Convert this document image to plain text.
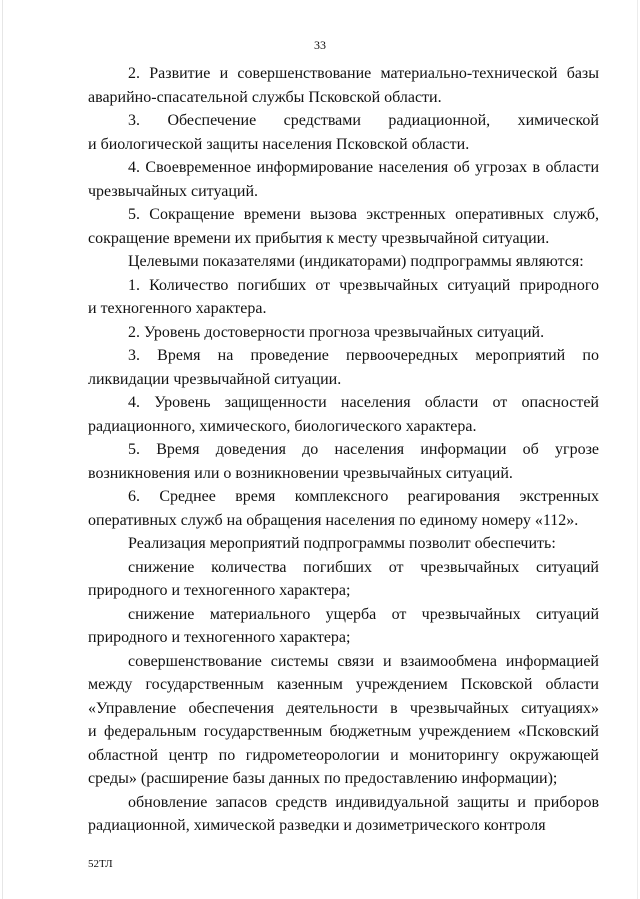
33
2. Развитие и совершенствование материально-технической базы
аварийно-спасательной службы Псковской области.
3. Обеспечение средствами радиационной, химической
и биологической защиты населения Псковской области.
4. Своевременное информирование населения об угрозах в области
чрезвычайных ситуаций.
5. Сокращение времени вызова экстренных оперативных служб,
сокращение времени их прибытия к месту чрезвычайной ситуации.
Целевыми показателями (индикаторами) подпрограммы являются:
1. Количество погибших от чрезвычайных ситуаций природного
и техногенного характера.
2. Уровень достоверности прогноза чрезвычайных ситуаций.
3. Время на проведение первоочередных мероприятий по
ликвидации чрезвычайной ситуации.
4. Уровень защищенности населения области от опасностей
радиационного, химического, биологического характера.
5. Время доведения до населения информации об угрозе
возникновения или о возникновении чрезвычайных ситуаций.
6. Среднее время комплексного реагирования экстренных
оперативных служб на обращения населения по единому номеру «112».
Реализация мероприятий подпрограммы позволит обеспечить:
снижение количества погибших от чрезвычайных ситуаций
природного и техногенного характера;
снижение материального ущерба от чрезвычайных ситуаций
природного и техногенного характера;
совершенствование системы связи и взаимообмена информацией
между государственным казенным учреждением Псковской области
«Управление обеспечения деятельности в чрезвычайных ситуациях»
и федеральным государственным бюджетным учреждением «Псковский
областной центр по гидрометеорологии и мониторингу окружающей
среды» (расширение базы данных по предоставлению информации);
обновление запасов средств индивидуальной защиты и приборов
радиационной, химической разведки и дозиметрического контроля
52ТЛ
